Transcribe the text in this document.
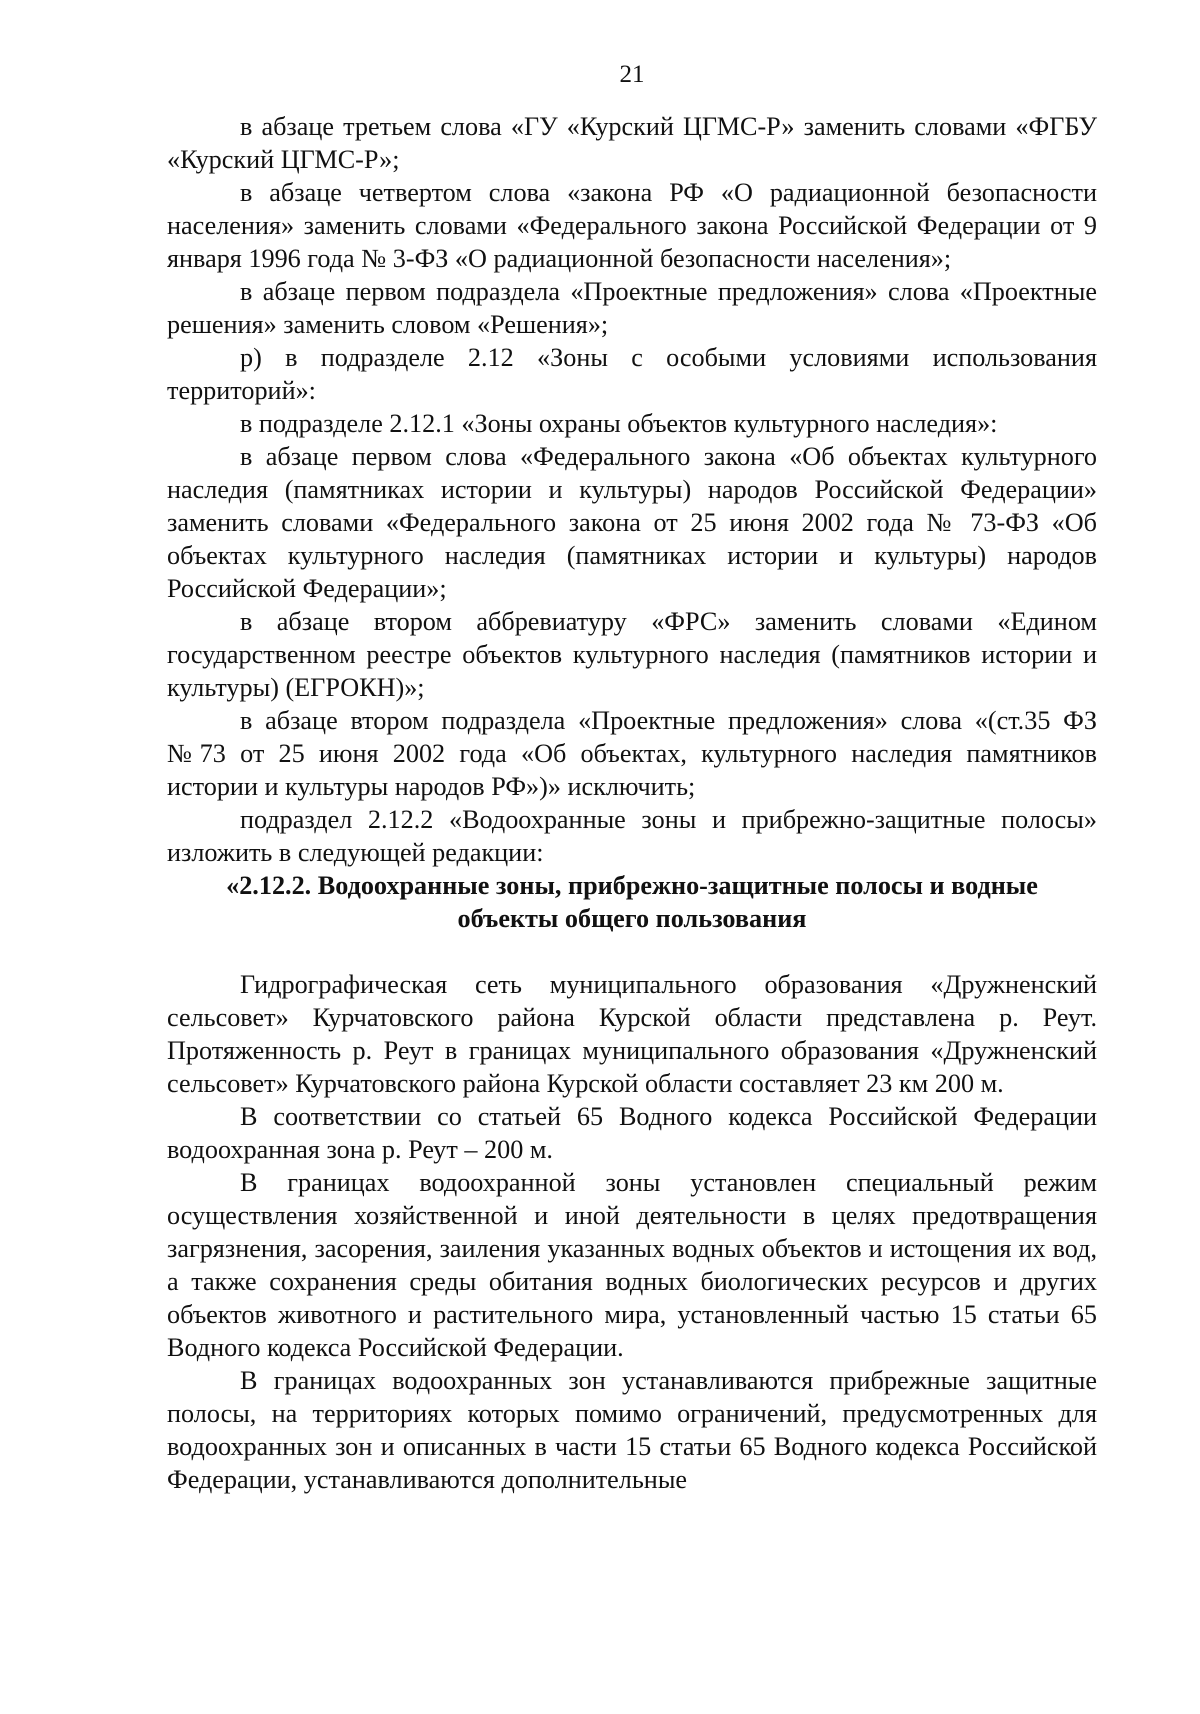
21

в абзаце третьем слова «ГУ «Курский ЦГМС-Р» заменить словами «ФГБУ «Курский ЦГМС-Р»;

в абзаце четвертом слова «закона РФ «О радиационной безопасности населения» заменить словами «Федерального закона Российской Федерации от 9 января 1996 года № 3-ФЗ «О радиационной безопасности населения»;

в абзаце первом подраздела «Проектные предложения» слова «Проектные решения» заменить словом «Решения»;

р) в подразделе 2.12 «Зоны с особыми условиями использования территорий»:

в подразделе 2.12.1 «Зоны охраны объектов культурного наследия»:

в абзаце первом слова «Федерального закона «Об объектах культурного наследия (памятниках истории и культуры) народов Российской Федерации» заменить словами «Федерального закона от 25 июня 2002 года № 73-ФЗ «Об объектах культурного наследия (памятниках истории и культуры) народов Российской Федерации»;

в абзаце втором аббревиатуру «ФРС» заменить словами «Едином государственном реестре объектов культурного наследия (памятников истории и культуры) (ЕГРОКН)»;

в абзаце втором подраздела «Проектные предложения» слова «(ст.35 ФЗ №73 от 25 июня 2002 года «Об объектах, культурного наследия памятников истории и культуры народов РФ»)» исключить;

подраздел 2.12.2 «Водоохранные зоны и прибрежно-защитные полосы» изложить в следующей редакции:

«2.12.2. Водоохранные зоны, прибрежно-защитные полосы и водные объекты общего пользования

Гидрографическая сеть муниципального образования «Дружненский сельсовет» Курчатовского района Курской области представлена р. Реут. Протяженность р. Реут в границах муниципального образования «Дружненский сельсовет» Курчатовского района Курской области составляет 23 км 200 м.

В соответствии со статьей 65 Водного кодекса Российской Федерации водоохранная зона р. Реут – 200 м.

В границах водоохранной зоны установлен специальный режим осуществления хозяйственной и иной деятельности в целях предотвращения загрязнения, засорения, заиления указанных водных объектов и истощения их вод, а также сохранения среды обитания водных биологических ресурсов и других объектов животного и растительного мира, установленный частью 15 статьи 65 Водного кодекса Российской Федерации.

В границах водоохранных зон устанавливаются прибрежные защитные полосы, на территориях которых помимо ограничений, предусмотренных для водоохранных зон и описанных в части 15 статьи 65 Водного кодекса Российской Федерации, устанавливаются дополнительные
